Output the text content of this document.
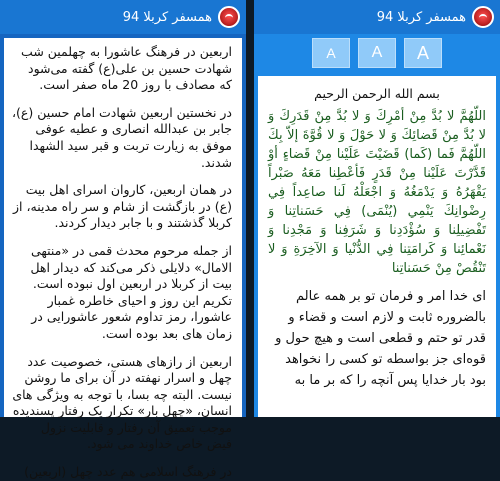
همسفر کربلا 94

اربعین در فرهنگ عاشورا به چهلمین شب شهادت حسین بن علی(ع) گفته می‌شود که مصادف با روز 20 ماه صفر است.

در نخستین اربعین شهادت امام حسین (ع)، جابر بن عبدالله انصاری و عطیه عوفی موفق به زیارت تربت و قبر سید الشهدا شدند.

در همان اربعین، کاروان اسرای اهل بیت (ع) در بازگشت از شام و سر راه مدینه، از کربلا گذشتند و با جابر دیدار کردند.

از جمله مرحوم محدث قمی در «منتهی الامال» دلایلی ذکر می‌کند که دیدار اهل بیت از کربلا در اربعین اول نبوده است. تکریم این روز و احیای خاطره غمبار عاشورا، رمز تداوم شعور عاشورایی در زمان های بعد بوده است.

اربعین از رازهای هستی، خصوصیت عدد چهل و اسرار نهفته در آن برای ما روشن نیست. البته چه بسا، با توجه به ویژگی های انسان، «چهل بار» تکرار یک رفتار پسندیده موجب تعمیق آن رفتار و قابلیت نزول فیض خاص خداوند می شود.

در فرهنگ اسلامی هم عدد چهل (اربعین)

همسفر کربلا 94
A	A	A
بسم الله الرحمن الرحيم
اللّهُمَّ لا بُدَّ مِنْ أمْرِكَ وَ لا بُدَّ مِنْ قَدَرِكَ وَ لا بُدَّ مِنْ قَضائِكَ وَ لا حَوْلَ وَ لا قُوَّةَ إلاّ بِكَ اللّهُمَّ فَما (كَما) قَضَيْتَ عَلَيْنا مِنْ قَضاءٍ أوْ قَدَّرْتَ عَلَيْنا مِنْ قَدَرٍ فَأعْطِنا مَعَهُ صَبْراً يَقْهَرُهُ وَ يَدْمَغُهُ وَ اجْعَلْهُ لَنا صاعِداً فِي رِضْوانِكَ يَنْمِي (يُنْمَى) فِي حَسَناتِنا وَ تَفْضِيلِنا وَ سُؤْدَدِنا وَ شَرَفِنا وَ مَجْدِنا وَ نَعْمائِنا وَ كَرامَتِنا فِي الدُّنْيا وَ الآخِرَةِ وَ لا تَنْقُصْ مِنْ حَسَناتِنا
ای خدا امر و فرمان تو بر همه عالم بالضروره ثابت و لازم است و قضاء و قدر تو حتم و قطعی است و هیچ حول و قوه‌ای جز بواسطه تو کسی را نخواهد بود بار خدایا پس آنچه را که بر ما به
